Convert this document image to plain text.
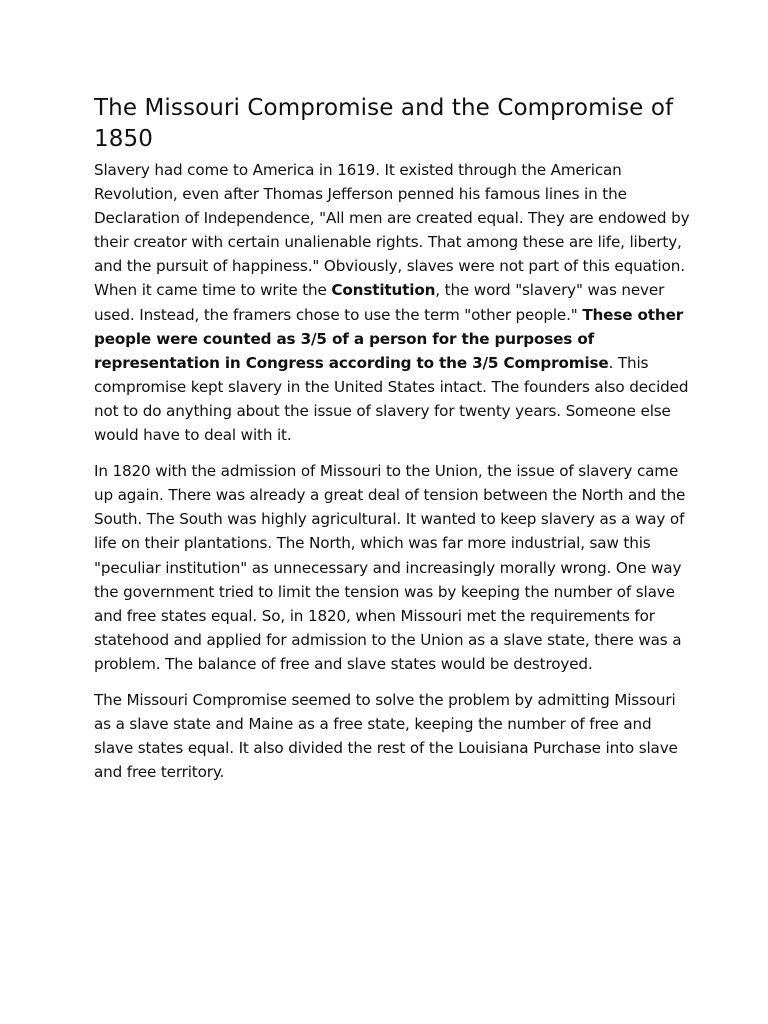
The Missouri Compromise and the Compromise of 1850

Slavery had come to America in 1619. It existed through the American Revolution, even after Thomas Jefferson penned his famous lines in the Declaration of Independence, "All men are created equal. They are endowed by their creator with certain unalienable rights. That among these are life, liberty, and the pursuit of happiness." Obviously, slaves were not part of this equation. When it came time to write the Constitution, the word "slavery" was never used. Instead, the framers chose to use the term "other people." These other people were counted as 3/5 of a person for the purposes of representation in Congress according to the 3/5 Compromise. This compromise kept slavery in the United States intact. The founders also decided not to do anything about the issue of slavery for twenty years. Someone else would have to deal with it.

In 1820 with the admission of Missouri to the Union, the issue of slavery came up again. There was already a great deal of tension between the North and the South. The South was highly agricultural. It wanted to keep slavery as a way of life on their plantations. The North, which was far more industrial, saw this "peculiar institution" as unnecessary and increasingly morally wrong. One way the government tried to limit the tension was by keeping the number of slave and free states equal. So, in 1820, when Missouri met the requirements for statehood and applied for admission to the Union as a slave state, there was a problem. The balance of free and slave states would be destroyed.

The Missouri Compromise seemed to solve the problem by admitting Missouri as a slave state and Maine as a free state, keeping the number of free and slave states equal. It also divided the rest of the Louisiana Purchase into slave and free territory.
